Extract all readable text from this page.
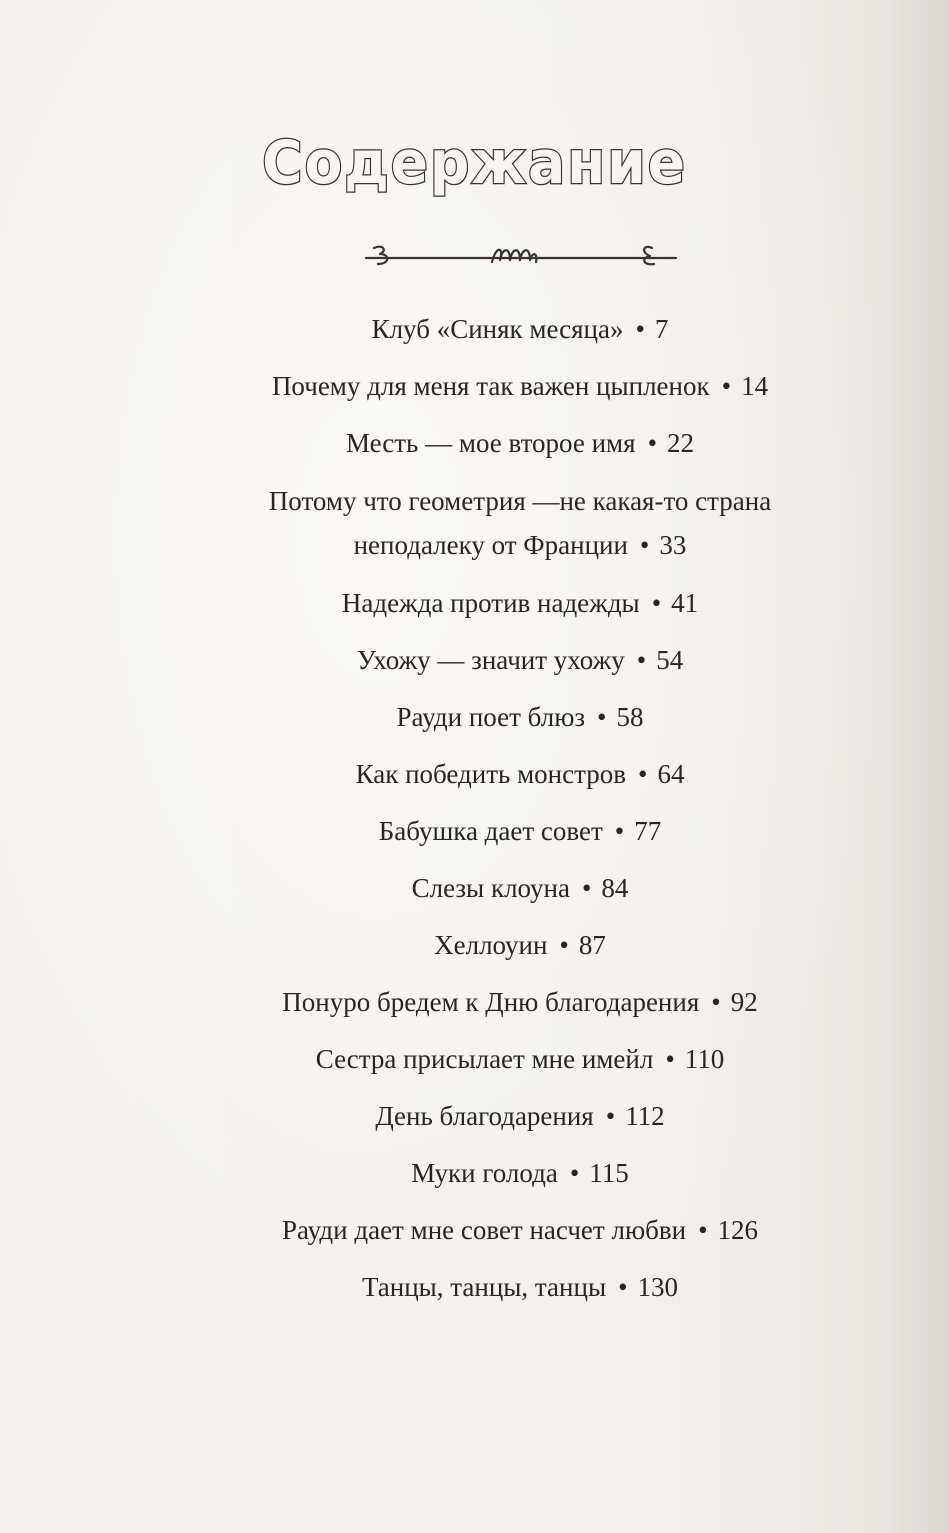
Содержание
Клуб «Синяк месяца» • 7
Почему для меня так важен цыпленок • 14
Месть — мое второе имя • 22
Потому что геометрия —не какая-то страна
неподалеку от Франции • 33
Надежда против надежды • 41
Ухожу — значит ухожу • 54
Рауди поет блюз • 58
Как победить монстров • 64
Бабушка дает совет • 77
Слезы клоуна • 84
Хеллоуин • 87
Понуро бредем к Дню благодарения • 92
Сестра присылает мне имейл • 110
День благодарения • 112
Муки голода • 115
Рауди дает мне совет насчет любви • 126
Танцы, танцы, танцы • 130
